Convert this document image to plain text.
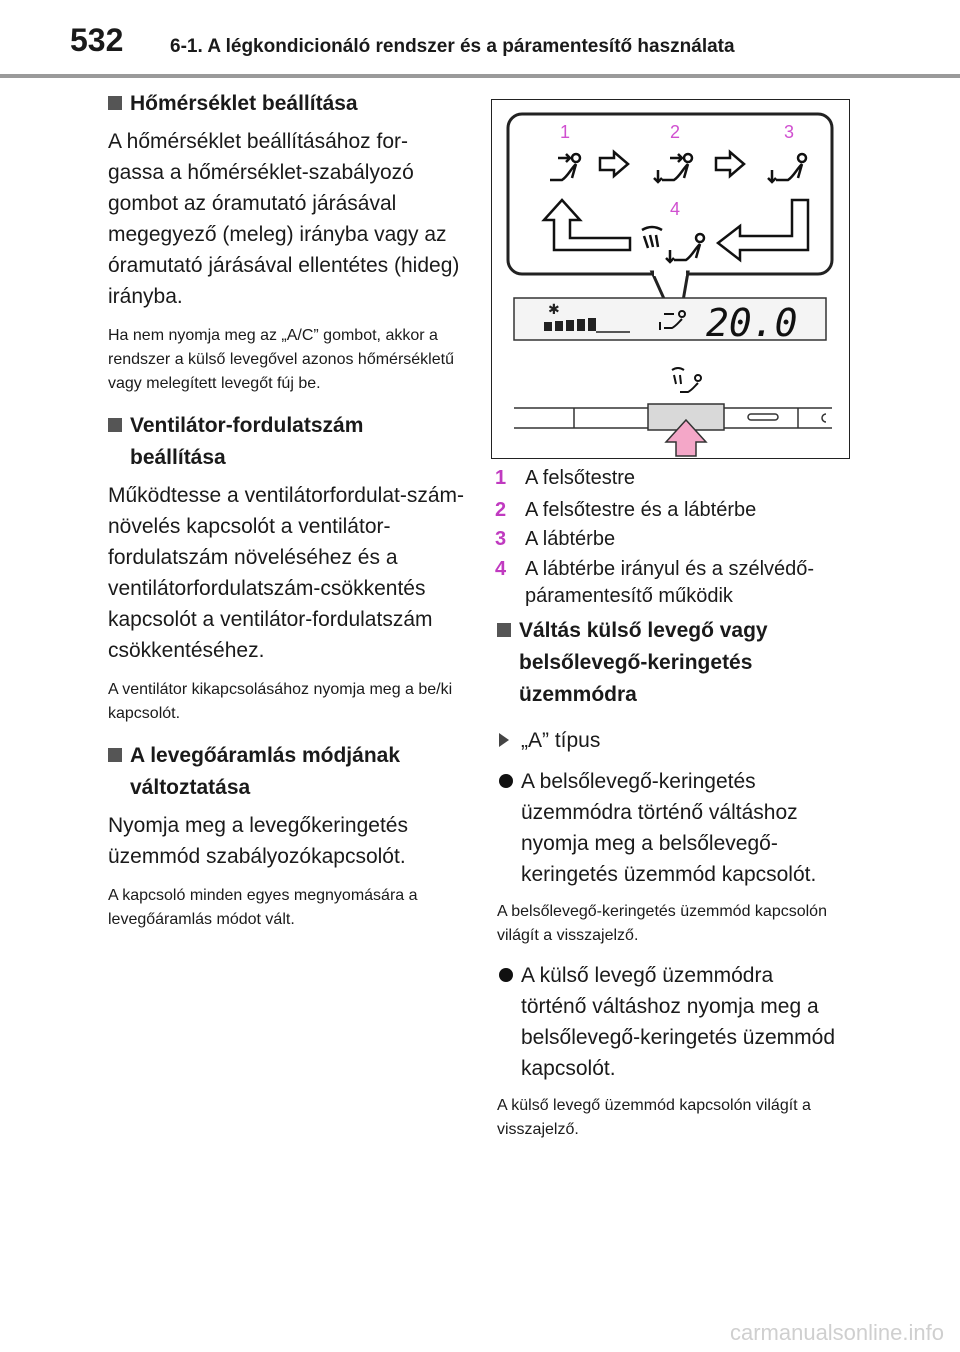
532 6-1. A légkondicionáló rendszer és a páramentesítő használata
Hőmérséklet beállítása
A hőmérséklet beállításához for-gassa a hőmérséklet-szabályozó gombot az óramutató járásával megegyező (meleg) irányba vagy az óramutató járásával ellentétes (hideg) irányba.
Ha nem nyomja meg az „A/C” gombot, akkor a rendszer a külső levegővel azonos hőmérsékletű vagy melegített levegőt fúj be.
Ventilátor-fordulatszám beállítása
Működtesse a ventilátorfordulat-szám-növelés kapcsolót a ventilátor-fordulatszám növeléséhez és a ventilátorfordulatszám-csökkentés kapcsolót a ventilátor-fordulatszám csökkentéséhez.
A ventilátor kikapcsolásához nyomja meg a be/ki kapcsolót.
A levegőáramlás módjának változtatása
Nyomja meg a levegőkeringetés üzemmód szabályozókapcsolót.
A kapcsoló minden egyes megnyomására a levegőáramlás módot vált.
1	2	3
4
✱	20.0
1 A felsőtestre
2 A felsőtestre és a lábtérbe
3 A lábtérbe
4 A lábtérbe irányul és a szélvédő-páramentesítő működik
Váltás külső levegő vagy belsőlevegő-keringetés üzemmódra
„A” típus
A belsőlevegő-keringetés üzemmódra történő váltáshoz nyomja meg a belsőlevegő-keringetés üzemmód kapcsolót.
A belsőlevegő-keringetés üzemmód kapcsolón világít a visszajelző.
A külső levegő üzemmódra történő váltáshoz nyomja meg a belsőlevegő-keringetés üzemmód kapcsolót.
A külső levegő üzemmód kapcsolón világít a visszajelző.
carmanualsonline.info
